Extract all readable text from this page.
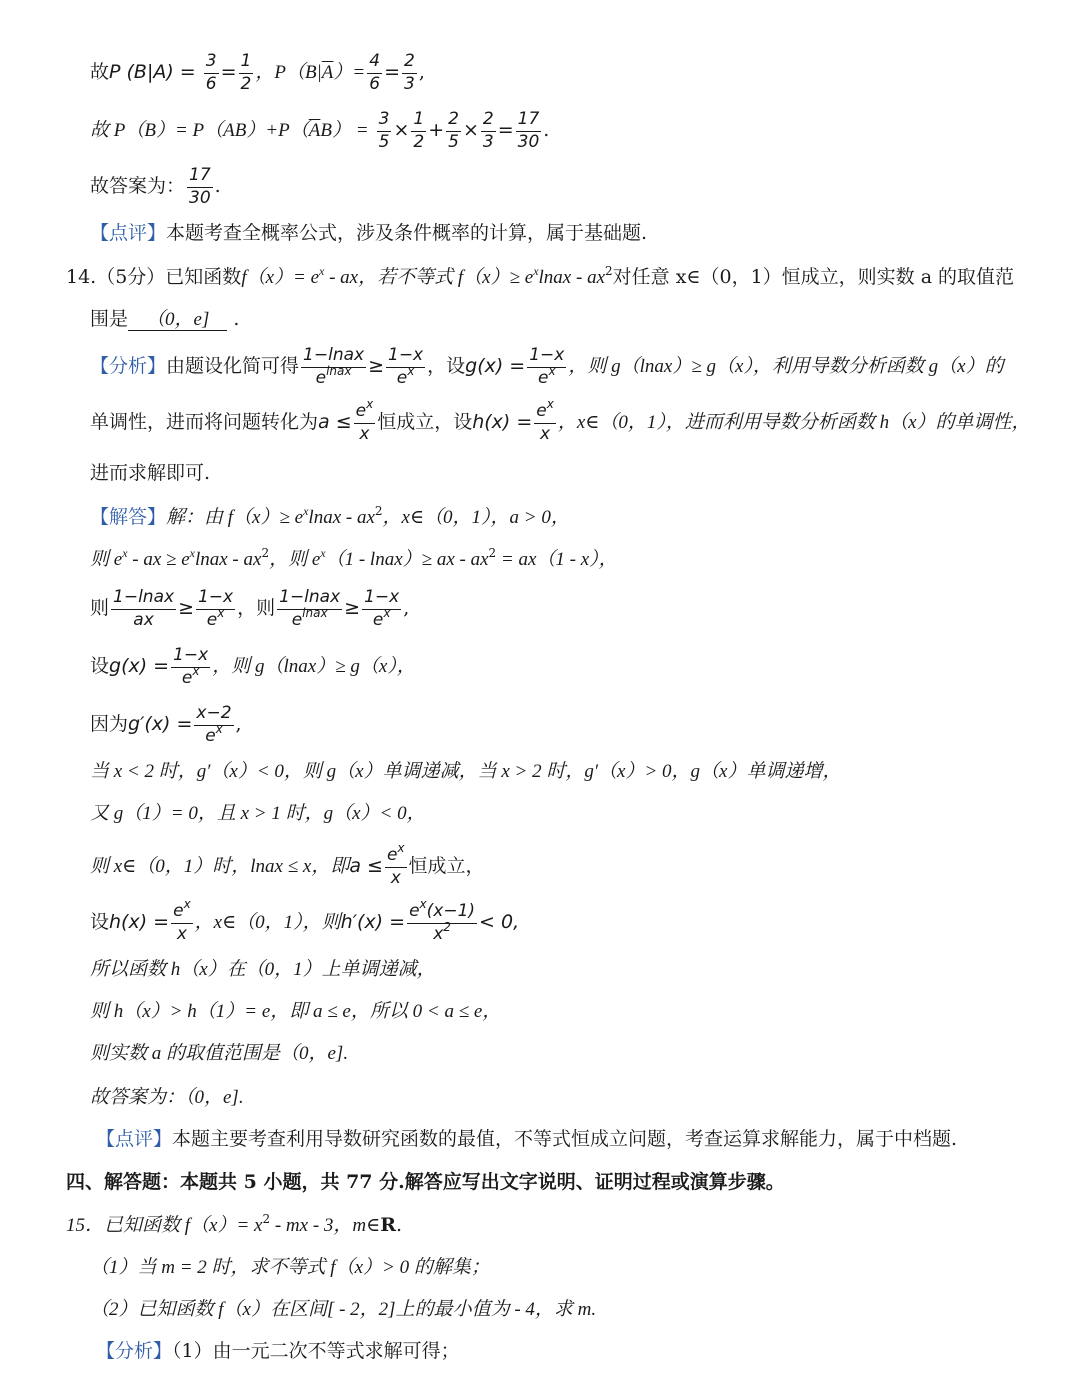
故P $(B|A) = \frac{3}{6} = \frac{1}{2}$ ，$P(B|\overline{A})= \frac{4}{6} = \frac{2}{3}$ ,
故 $P(B)= P(AB)+P(\overline{A}B) = \frac{3}{5} \times \frac{1}{2} + \frac{2}{5} \times \frac{2}{3} = \frac{17}{30}$ .
故答案为： $\frac{17}{30}$ .
【点评】本题考查全概率公式，涉及条件概率的计算，属于基础题.
14.（5分）已知函数$f(x)= e^x$ - ax，若不等式 $f(x)\ge e^xlnax - ax^2$对任意 x∈（0，1）恒成立，则实数 a 的取值范
围是 （0，e] .
【分析】由题设化简可得 $\frac{\text{1−lnax}}{e^{lnax}} \ge \frac{1-x}{e^x}$ ，设$g(x) = \frac{1-x}{e^x}$ ，则 g（lnax）≥ g（x），利用导数分析函数 g（x）的
单调性，进而将问题转化为$a \le \frac{e^x}{x}$ 恒成立，设$h(x) = \frac{e^x}{x}$ ，x∈（0，1），进而利用导数分析函数 h（x）的单调性，
进而求解即可.
【解答】解：由 $f(x)\ge e^xlnax - ax^2$，x∈（0，1），a > 0，
则 $e^x$ - ax ≥ $e^xlnax - ax^2$，则 $e^x(1$ - lnax）≥ ax - $ax^2 = ax(1 - x)$，
则 $\frac{\text{1−lnax}}{ax} \ge \frac{1-x}{e^x}$ ，则 $\frac{\text{1−lnax}}{e^{lnax}} \ge \frac{1-x}{e^x}$ ,
设$g(x) = \frac{1-x}{e^x}$ ，则 g（lnax）≥ g（x），
因为$g'(x) = \frac{x-2}{e^x}$ ,
当 x < 2 时，g′（x）< 0，则 g（x）单调递减，当 x > 2 时，g′（x）> 0，g（x）单调递增，
又 g（1）= 0，且 x > 1 时，g（x）< 0，
则 x∈（0，1）时，lnax ≤ x，即$a \le \frac{e^x}{x}$ 恒成立，
设$h(x) = \frac{e^x}{x}$ ，x∈（0，1），则$h'(x) = \frac{e^x(x-1)}{x^2} < 0$,
所以函数 h（x）在（0，1）上单调递减，
则 h（x）> h（1）= e，即 a ≤ e，所以 0 < a ≤ e，
则实数 a 的取值范围是（0，e].
故答案为：（0，e].
【点评】本题主要考查利用导数研究函数的最值，不等式恒成立问题，考查运算求解能力，属于中档题.
四、解答题：本题共 5 小题，共 77 分.解答应写出文字说明、证明过程或演算步骤。
15．已知函数 $f(x)= x^2$ - mx - 3，m∈R.
（1）当 m = 2 时，求不等式 f（x）> 0 的解集；
（2）已知函数 f（x）在区间[ - 2，2]上的最小值为 - 4，求 m.
【分析】（1）由一元二次不等式求解可得；
